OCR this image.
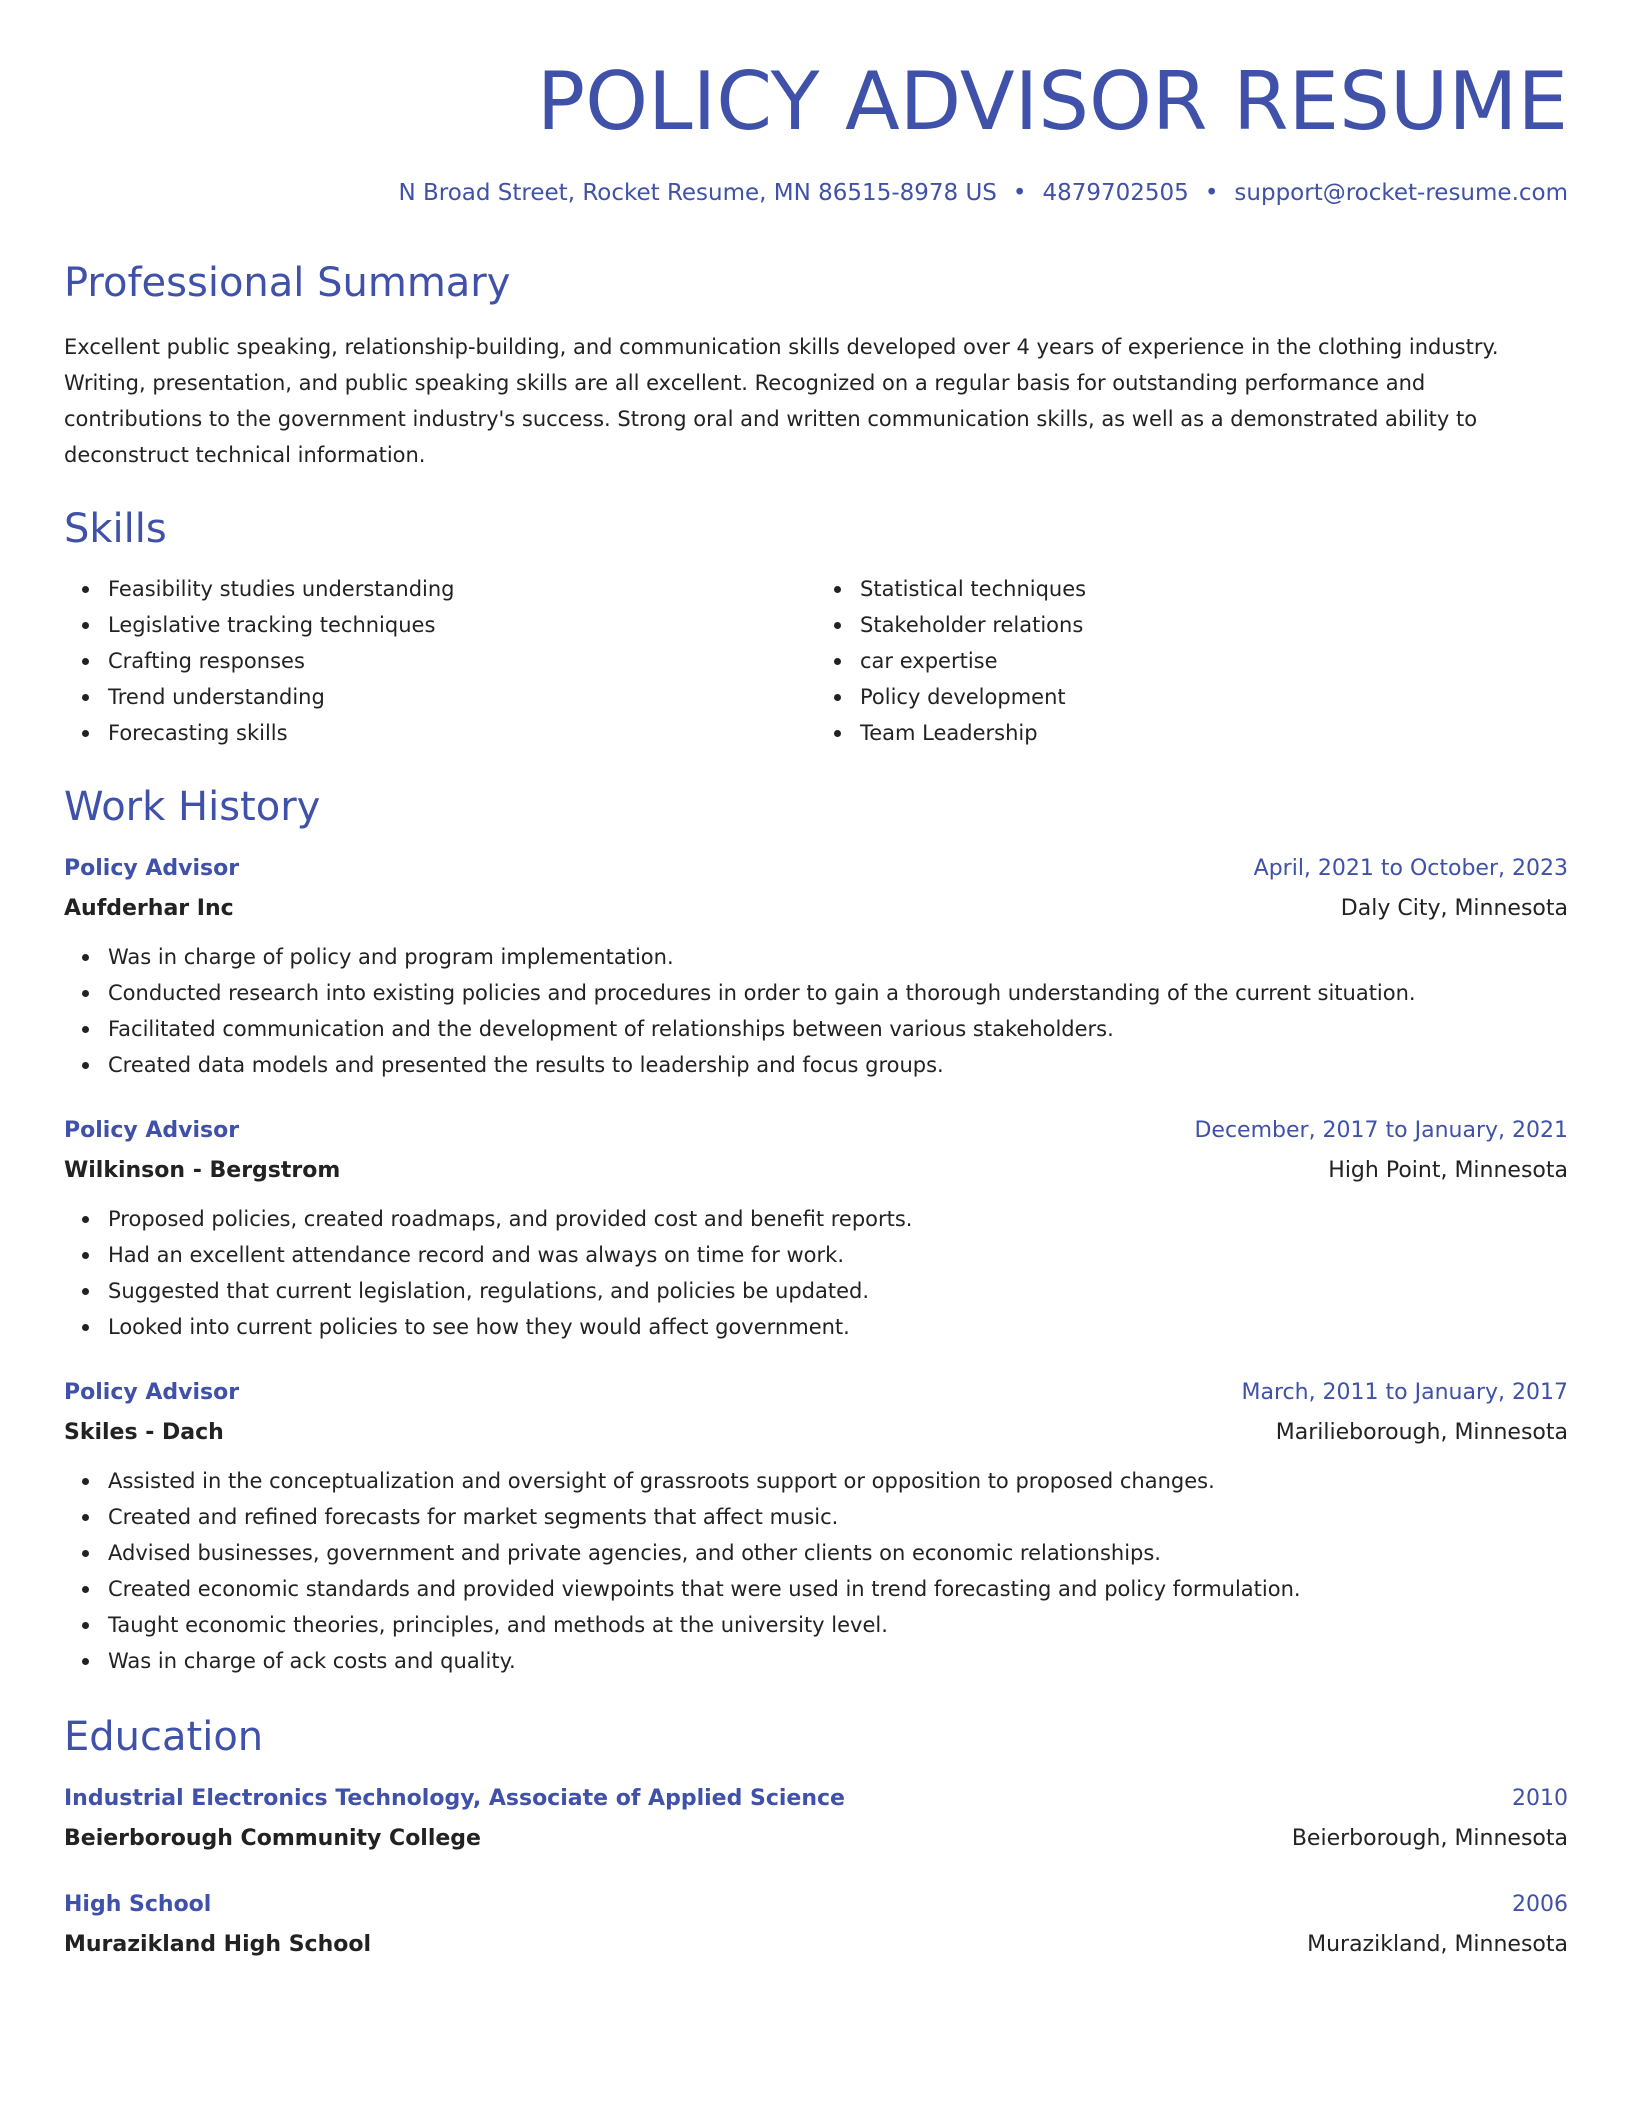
POLICY ADVISOR RESUME
N Broad Street, Rocket Resume, MN 86515-8978 US • 4879702505 • support@rocket-resume.com
Professional Summary

Excellent public speaking, relationship-building, and communication skills developed over 4 years of experience in the clothing industry. Writing, presentation, and public speaking skills are all excellent. Recognized on a regular basis for outstanding performance and contributions to the government industry's success. Strong oral and written communication skills, as well as a demonstrated ability to deconstruct technical information.

Skills
Feasibility studies understanding
Legislative tracking techniques
Crafting responses
Trend understanding
Forecasting skills
Statistical techniques
Stakeholder relations
car expertise
Policy development
Team Leadership
Work History
Policy Advisor	April, 2021 to October, 2023
Aufderhar Inc	Daly City, Minnesota
Was in charge of policy and program implementation.
Conducted research into existing policies and procedures in order to gain a thorough understanding of the current situation.
Facilitated communication and the development of relationships between various stakeholders.
Created data models and presented the results to leadership and focus groups.
Policy Advisor	December, 2017 to January, 2021
Wilkinson - Bergstrom	High Point, Minnesota
Proposed policies, created roadmaps, and provided cost and benefit reports.
Had an excellent attendance record and was always on time for work.
Suggested that current legislation, regulations, and policies be updated.
Looked into current policies to see how they would affect government.
Policy Advisor	March, 2011 to January, 2017
Skiles - Dach	Marilieborough, Minnesota
Assisted in the conceptualization and oversight of grassroots support or opposition to proposed changes.
Created and refined forecasts for market segments that affect music.
Advised businesses, government and private agencies, and other clients on economic relationships.
Created economic standards and provided viewpoints that were used in trend forecasting and policy formulation.
Taught economic theories, principles, and methods at the university level.
Was in charge of ack costs and quality.
Education
Industrial Electronics Technology, Associate of Applied Science	2010
Beierborough Community College	Beierborough, Minnesota
High School	2006
Murazikland High School	Murazikland, Minnesota
